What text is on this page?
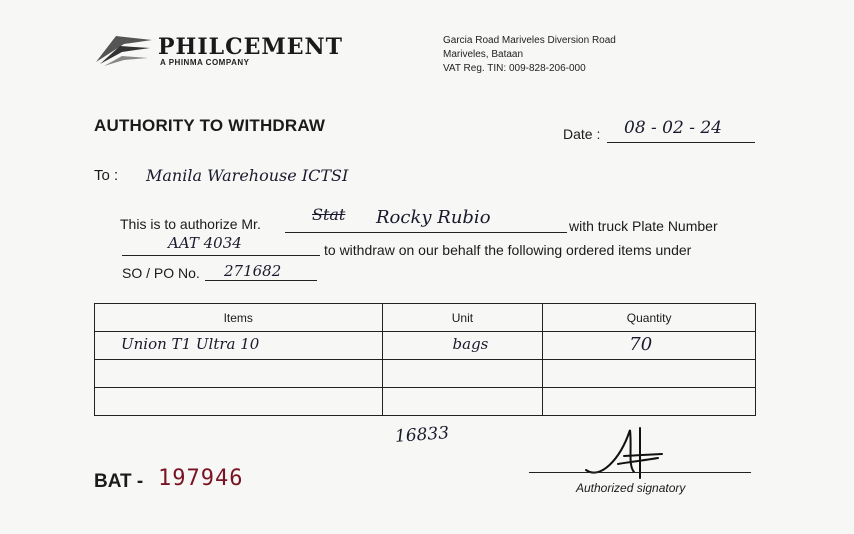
PHILCEMENT
A PHINMA COMPANY
Garcia Road Mariveles Diversion Road
Mariveles, Bataan
VAT Reg. TIN: 009-828-206-000
AUTHORITY TO WITHDRAW	Date : 08 - 02 - 24
To : Manila Warehouse ICTSI
This is to authorize Mr.	Stat Rocky Rubio	with truck Plate Number
AAT 4034	to withdraw on our behalf the following ordered items under
SO / PO No. 271682
Items	Unit	Quantity

Union T1 Ultra 10	bags	70

16833
BAT - 197946	Authorized signatory
